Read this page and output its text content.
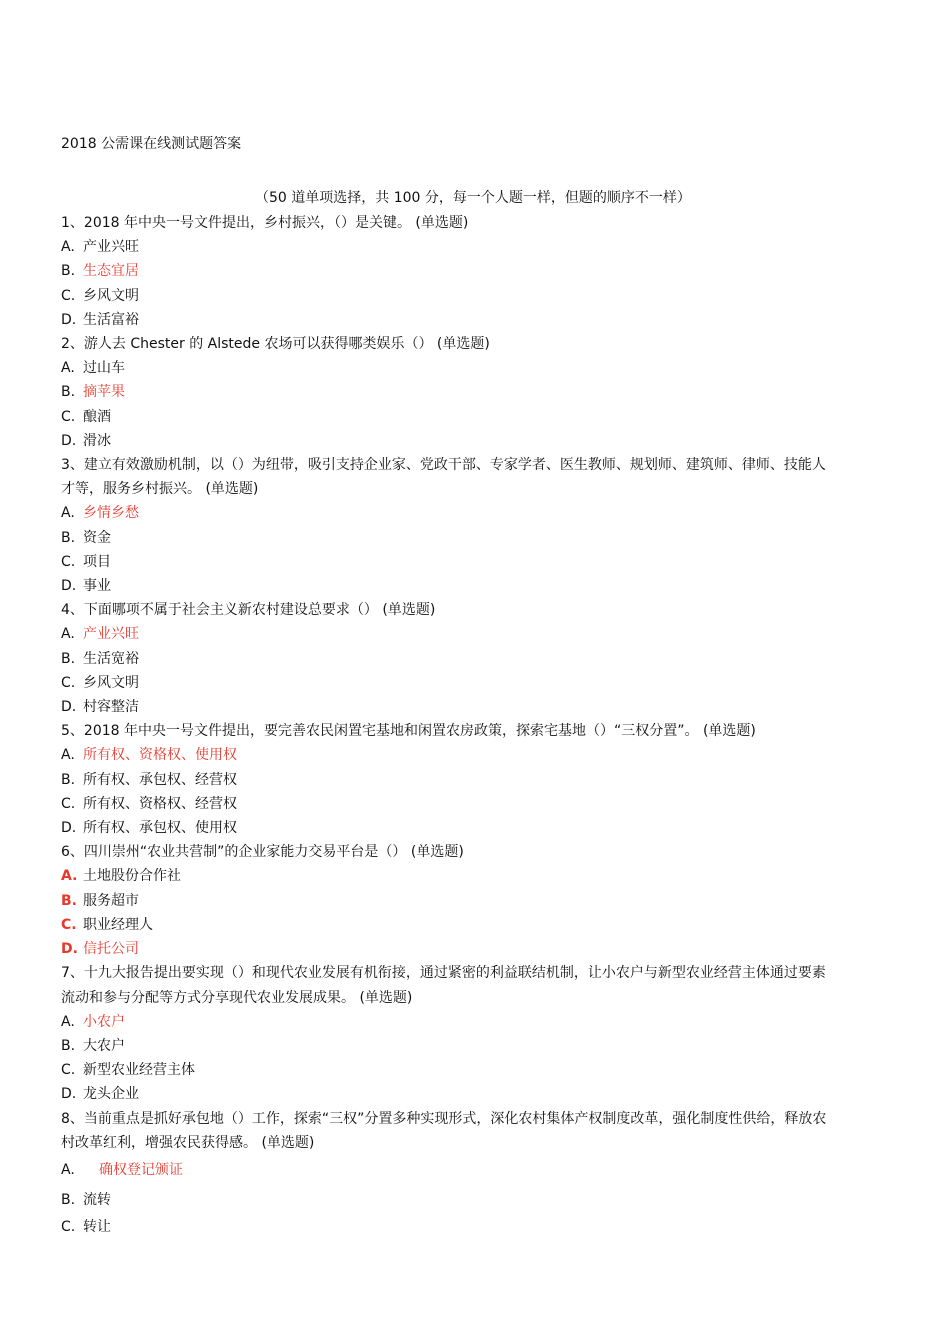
2018 公需课在线测试题答案
（50 道单项选择，共 100 分，每一个人题一样，但题的顺序不一样）

1、2018 年中央一号文件提出，乡村振兴，（）是关键。 (单选题)

A. 产业兴旺
B. 生态宜居
C. 乡风文明
D. 生活富裕

2、游人去 Chester 的 Alstede 农场可以获得哪类娱乐（） (单选题)

A. 过山车
B. 摘苹果
C. 酿酒
D. 滑冰

3、建立有效激励机制，以（）为纽带，吸引支持企业家、党政干部、专家学者、医生教师、规划师、建筑师、律师、技能人才等，服务乡村振兴。 (单选题)

A. 乡情乡愁
B. 资金
C. 项目
D. 事业

4、下面哪项不属于社会主义新农村建设总要求（） (单选题)

A. 产业兴旺
B. 生活宽裕
C. 乡风文明
D. 村容整洁

5、2018 年中央一号文件提出，要完善农民闲置宅基地和闲置农房政策，探索宅基地（）“三权分置”。 (单选题)

A. 所有权、资格权、使用权
B. 所有权、承包权、经营权
C. 所有权、资格权、经营权
D. 所有权、承包权、使用权

6、四川崇州“农业共营制”的企业家能力交易平台是（） (单选题)

A. 土地股份合作社
B. 服务超市
C. 职业经理人
D. 信托公司

7、十九大报告提出要实现（）和现代农业发展有机衔接，通过紧密的利益联结机制，让小农户与新型农业经营主体通过要素流动和参与分配等方式分享现代农业发展成果。 (单选题)

A. 小农户
B. 大农户
C. 新型农业经营主体
D. 龙头企业

8、当前重点是抓好承包地（）工作，探索“三权”分置多种实现形式，深化农村集体产权制度改革，强化制度性供给，释放农村改革红利，增强农民获得感。 (单选题)

A.	确权登记颁证
B. 流转
C. 转让
